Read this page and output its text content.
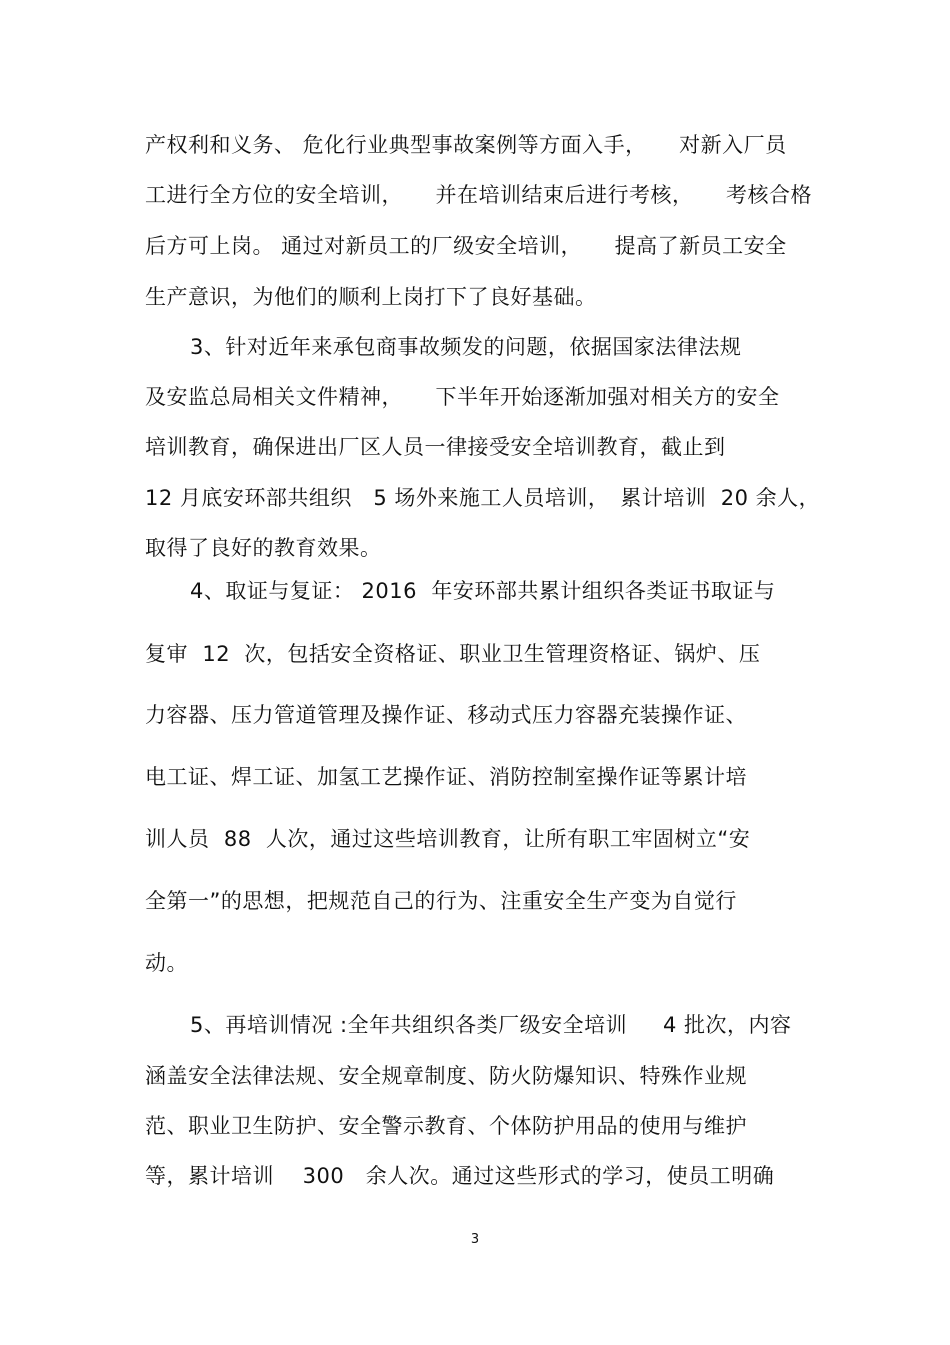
产权利和义务、 危化行业典型事故案例等方面入手，　　对新入厂员
工进行全方位的安全培训，　　并在培训结束后进行考核，　　考核合格
后方可上岗。 通过对新员工的厂级安全培训，　　提高了新员工安全
生产意识，为他们的顺利上岗打下了良好基础。
3、针对近年来承包商事故频发的问题，依据国家法律法规
及安监总局相关文件精神，　　下半年开始逐渐加强对相关方的安全
培训教育，确保进出厂区人员一律接受安全培训教育，截止到
12 月底安环部共组织　5 场外来施工人员培训，　累计培训  20 余人，
取得了良好的教育效果。
4、取证与复证： 2016  年安环部共累计组织各类证书取证与
复审  12  次，包括安全资格证、职业卫生管理资格证、锅炉、压
力容器、压力管道管理及操作证、移动式压力容器充装操作证、
电工证、焊工证、加氢工艺操作证、消防控制室操作证等累计培
训人员  88  人次，通过这些培训教育，让所有职工牢固树立“安
全第一”的思想，把规范自己的行为、注重安全生产变为自觉行
动。
5、再培训情况 :全年共组织各类厂级安全培训　  4 批次，内容
涵盖安全法律法规、安全规章制度、防火防爆知识、特殊作业规
范、职业卫生防护、安全警示教育、个体防护用品的使用与维护
等，累计培训　 300　余人次。通过这些形式的学习，使员工明确
3
